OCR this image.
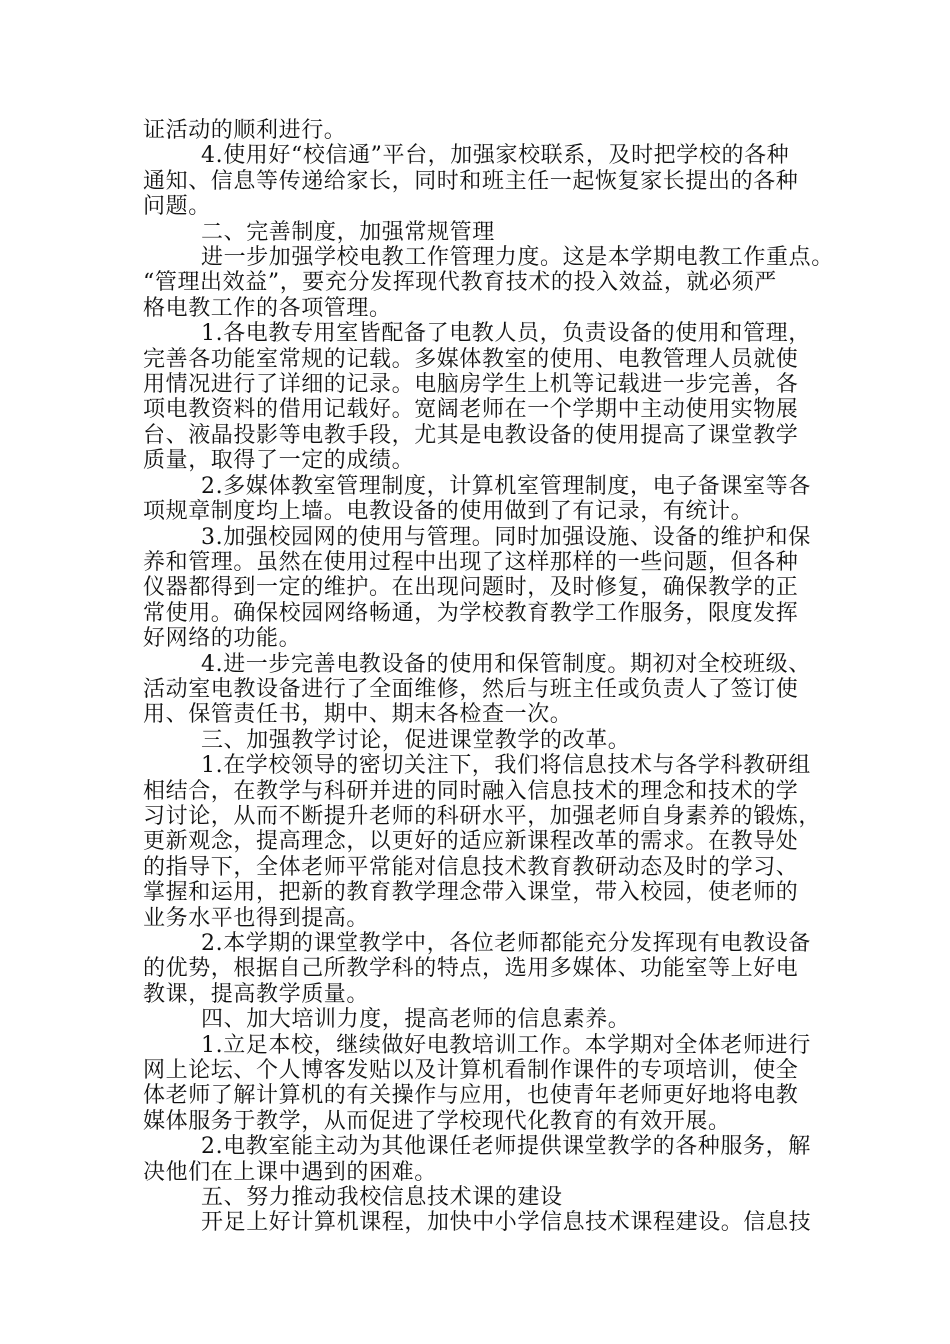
证活动的顺利进行。
4.使用好“校信通”平台，加强家校联系，及时把学校的各种
通知、信息等传递给家长，同时和班主任一起恢复家长提出的各种
问题。
二、完善制度，加强常规管理
进一步加强学校电教工作管理力度。这是本学期电教工作重点。
“管理出效益”，要充分发挥现代教育技术的投入效益，就必须严
格电教工作的各项管理。
1.各电教专用室皆配备了电教人员，负责设备的使用和管理，
完善各功能室常规的记载。多媒体教室的使用、电教管理人员就使
用情况进行了详细的记录。电脑房学生上机等记载进一步完善，各
项电教资料的借用记载好。宽阔老师在一个学期中主动使用实物展
台、液晶投影等电教手段，尤其是电教设备的使用提高了课堂教学
质量，取得了一定的成绩。
2.多媒体教室管理制度，计算机室管理制度，电子备课室等各
项规章制度均上墙。电教设备的使用做到了有记录，有统计。
3.加强校园网的使用与管理。同时加强设施、设备的维护和保
养和管理。虽然在使用过程中出现了这样那样的一些问题，但各种
仪器都得到一定的维护。在出现问题时，及时修复，确保教学的正
常使用。确保校园网络畅通，为学校教育教学工作服务，限度发挥
好网络的功能。
4.进一步完善电教设备的使用和保管制度。期初对全校班级、
活动室电教设备进行了全面维修，然后与班主任或负责人了签订使
用、保管责任书，期中、期末各检查一次。
三、加强教学讨论，促进课堂教学的改革。
1.在学校领导的密切关注下，我们将信息技术与各学科教研组
相结合，在教学与科研并进的同时融入信息技术的理念和技术的学
习讨论，从而不断提升老师的科研水平，加强老师自身素养的锻炼，
更新观念，提高理念，以更好的适应新课程改革的需求。在教导处
的指导下，全体老师平常能对信息技术教育教研动态及时的学习、
掌握和运用，把新的教育教学理念带入课堂，带入校园，使老师的
业务水平也得到提高。
2.本学期的课堂教学中，各位老师都能充分发挥现有电教设备
的优势，根据自己所教学科的特点，选用多媒体、功能室等上好电
教课，提高教学质量。
四、加大培训力度，提高老师的信息素养。
1.立足本校，继续做好电教培训工作。本学期对全体老师进行
网上论坛、个人博客发贴以及计算机看制作课件的专项培训，使全
体老师了解计算机的有关操作与应用，也使青年老师更好地将电教
媒体服务于教学，从而促进了学校现代化教育的有效开展。
2.电教室能主动为其他课任老师提供课堂教学的各种服务，解
决他们在上课中遇到的困难。
五、努力推动我校信息技术课的建设
开足上好计算机课程，加快中小学信息技术课程建设。信息技
